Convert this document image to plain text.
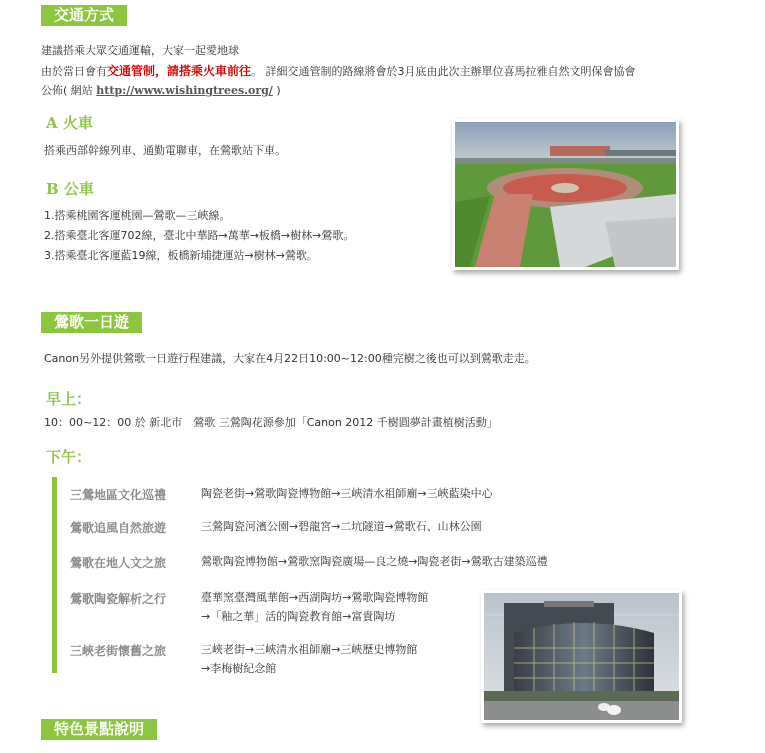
交通方式
建議搭乘大眾交通運輸，大家一起愛地球
由於當日會有交通管制，請搭乘火車前往。 詳細交通管制的路線將會於3月底由此次主辦單位喜馬拉雅自然文明保會協會
公佈( 網站 http://www.wishingtrees.org/ )
A 火車
搭乘西部幹線列車、通勤電聯車，在鶯歌站下車。
B 公車
1.搭乘桃園客運桃園—鶯歌—三峽線。
2.搭乘臺北客運702線，臺北中華路→萬華→板橋→樹林→鶯歌。
3.搭乘臺北客運藍19線，板橋新埔捷運站→樹林→鶯歌。
鶯歌一日遊
Canon另外提供鶯歌一日遊行程建議，大家在4月22日10:00~12:00種完樹之後也可以到鶯歌走走。
早上：
10：00~12：00 於 新北市　鶯歌 三鶯陶花源參加「Canon 2012 千樹圓夢計畫植樹活動」
下午：
三鶯地區文化巡禮	陶瓷老街→鶯歌陶瓷博物館→三峽清水祖師廟→三峽藍染中心
鶯歌追風自然旅遊	三鶯陶瓷河濱公園→碧龍宮→二坑隧道→鶯歌石、山林公園
鶯歌在地人文之旅	鶯歌陶瓷博物館→鶯歌窯陶瓷廣場—良之燒→陶瓷老街→鶯歌古建築巡禮
鶯歌陶瓷解析之行	臺華窯臺灣風華館→西湖陶坊→鶯歌陶瓷博物館
→「釉之華」活的陶瓷教育館→富貴陶坊
三峽老街懷舊之旅	三峽老街→三峽清水祖師廟→三峽歷史博物館
→李梅樹紀念館
特色景點說明
